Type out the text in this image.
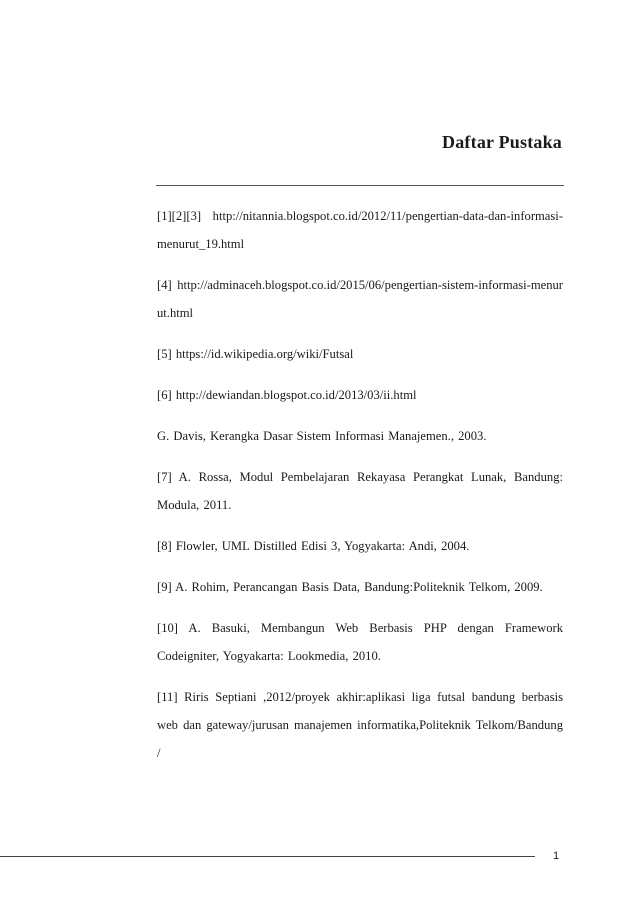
Daftar Pustaka
[1][2][3] http://nitannia.blogspot.co.id/2012/11/pengertian-data-dan-informasi-menurut_19.html
[4] http://adminaceh.blogspot.co.id/2015/06/pengertian-sistem-informasi-menurut.html
[5] https://id.wikipedia.org/wiki/Futsal
[6] http://dewiandan.blogspot.co.id/2013/03/ii.html
G. Davis, Kerangka Dasar Sistem Informasi Manajemen., 2003.
[7] A. Rossa, Modul Pembelajaran Rekayasa Perangkat Lunak, Bandung: Modula, 2011.
[8] Flowler, UML Distilled Edisi 3, Yogyakarta: Andi, 2004.
[9] A. Rohim, Perancangan Basis Data, Bandung:Politeknik Telkom, 2009.
[10] A. Basuki, Membangun Web Berbasis PHP dengan Framework Codeigniter, Yogyakarta: Lookmedia, 2010.
[11] Riris Septiani ,2012/proyek akhir:aplikasi liga futsal bandung berbasis web dan gateway/jurusan manajemen informatika,Politeknik Telkom/Bandung /
1
